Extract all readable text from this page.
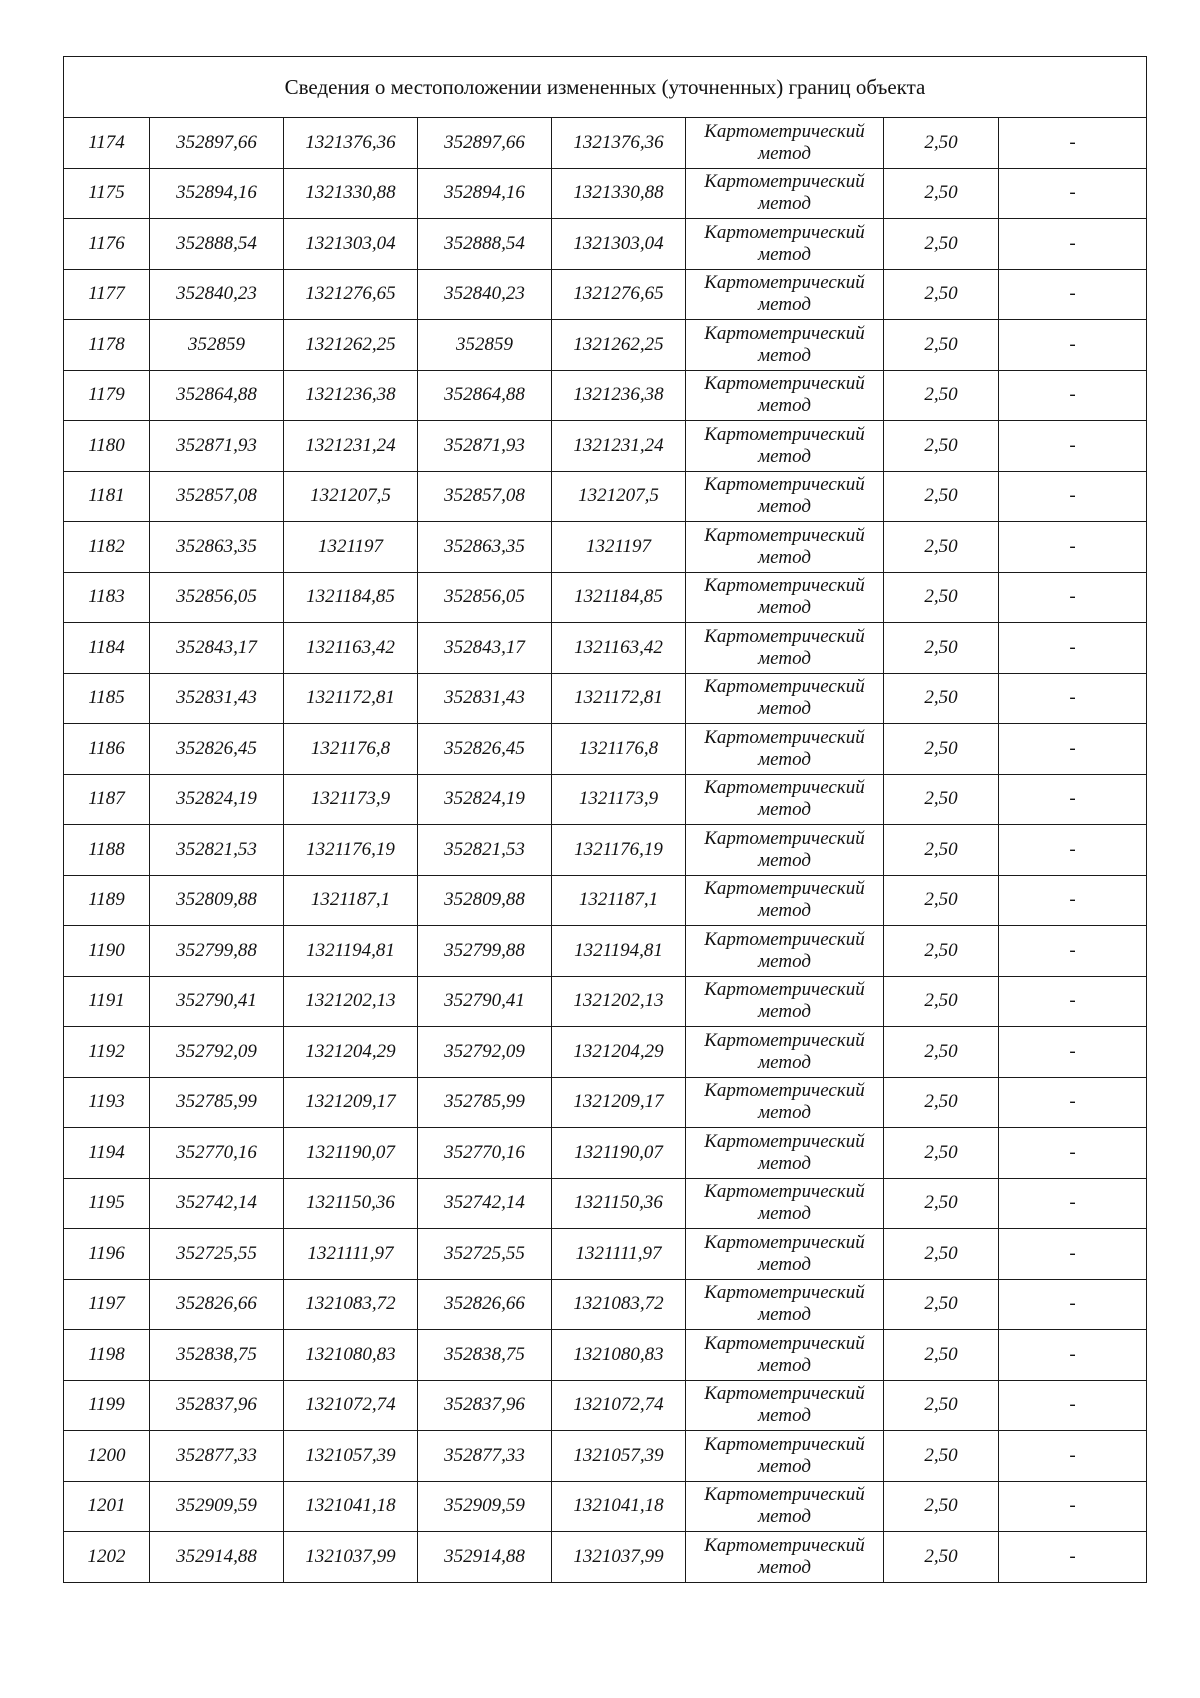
Сведения о местоположении измененных (уточненных) границ объекта							
1174	352897,66	1321376,36	352897,66	1321376,36	Картометрический
метод	2,50	-
1175	352894,16	1321330,88	352894,16	1321330,88	Картометрический
метод	2,50	-
1176	352888,54	1321303,04	352888,54	1321303,04	Картометрический
метод	2,50	-
1177	352840,23	1321276,65	352840,23	1321276,65	Картометрический
метод	2,50	-
1178	352859	1321262,25	352859	1321262,25	Картометрический
метод	2,50	-
1179	352864,88	1321236,38	352864,88	1321236,38	Картометрический
метод	2,50	-
1180	352871,93	1321231,24	352871,93	1321231,24	Картометрический
метод	2,50	-
1181	352857,08	1321207,5	352857,08	1321207,5	Картометрический
метод	2,50	-
1182	352863,35	1321197	352863,35	1321197	Картометрический
метод	2,50	-
1183	352856,05	1321184,85	352856,05	1321184,85	Картометрический
метод	2,50	-
1184	352843,17	1321163,42	352843,17	1321163,42	Картометрический
метод	2,50	-
1185	352831,43	1321172,81	352831,43	1321172,81	Картометрический
метод	2,50	-
1186	352826,45	1321176,8	352826,45	1321176,8	Картометрический
метод	2,50	-
1187	352824,19	1321173,9	352824,19	1321173,9	Картометрический
метод	2,50	-
1188	352821,53	1321176,19	352821,53	1321176,19	Картометрический
метод	2,50	-
1189	352809,88	1321187,1	352809,88	1321187,1	Картометрический
метод	2,50	-
1190	352799,88	1321194,81	352799,88	1321194,81	Картометрический
метод	2,50	-
1191	352790,41	1321202,13	352790,41	1321202,13	Картометрический
метод	2,50	-
1192	352792,09	1321204,29	352792,09	1321204,29	Картометрический
метод	2,50	-
1193	352785,99	1321209,17	352785,99	1321209,17	Картометрический
метод	2,50	-
1194	352770,16	1321190,07	352770,16	1321190,07	Картометрический
метод	2,50	-
1195	352742,14	1321150,36	352742,14	1321150,36	Картометрический
метод	2,50	-
1196	352725,55	1321111,97	352725,55	1321111,97	Картометрический
метод	2,50	-
1197	352826,66	1321083,72	352826,66	1321083,72	Картометрический
метод	2,50	-
1198	352838,75	1321080,83	352838,75	1321080,83	Картометрический
метод	2,50	-
1199	352837,96	1321072,74	352837,96	1321072,74	Картометрический
метод	2,50	-
1200	352877,33	1321057,39	352877,33	1321057,39	Картометрический
метод	2,50	-
1201	352909,59	1321041,18	352909,59	1321041,18	Картометрический
метод	2,50	-
1202	352914,88	1321037,99	352914,88	1321037,99	Картометрический
метод	2,50	-
